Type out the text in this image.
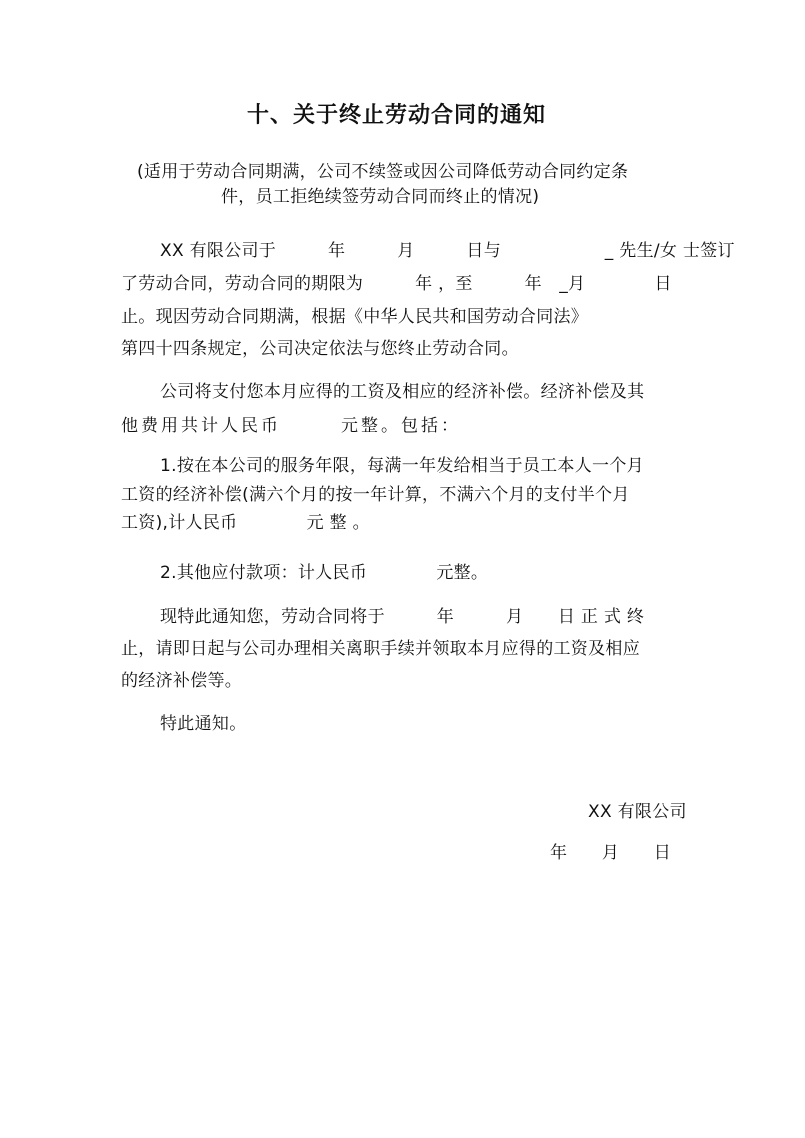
十、关于终止劳动合同的通知

(适用于劳动合同期满，公司不续签或因公司降低劳动合同约定条

件，员工拒绝续签劳动合同而终止的情况)

XX 有限公司于　　　年　　　月　　　日与　　　　　　_ 先生/女 士签订

了劳动合同，劳动合同的期限为　　　年 ，至　　　年　_月　　　　日

止。现因劳动合同期满，根据《中华人民共和国劳动合同法》

第四十四条规定，公司决定依法与您终止劳动合同。

公司将支付您本月应得的工资及相应的经济补偿。经济补偿及其

他费用共计人民币　　　元整。包括：

1.按在本公司的服务年限，每满一年发给相当于员工本人一个月

工资的经济补偿(满六个月的按一年计算，不满六个月的支付半个月

工资),计人民币　　　　元 整 。

2.其他应付款项：计人民币　　　　元整。

现特此通知您，劳动合同将于　　　年　　　月　　日 正 式 终

止，请即日起与公司办理相关离职手续并领取本月应得的工资及相应

的经济补偿等。

特此通知。

XX 有限公司

年　　月　　日
